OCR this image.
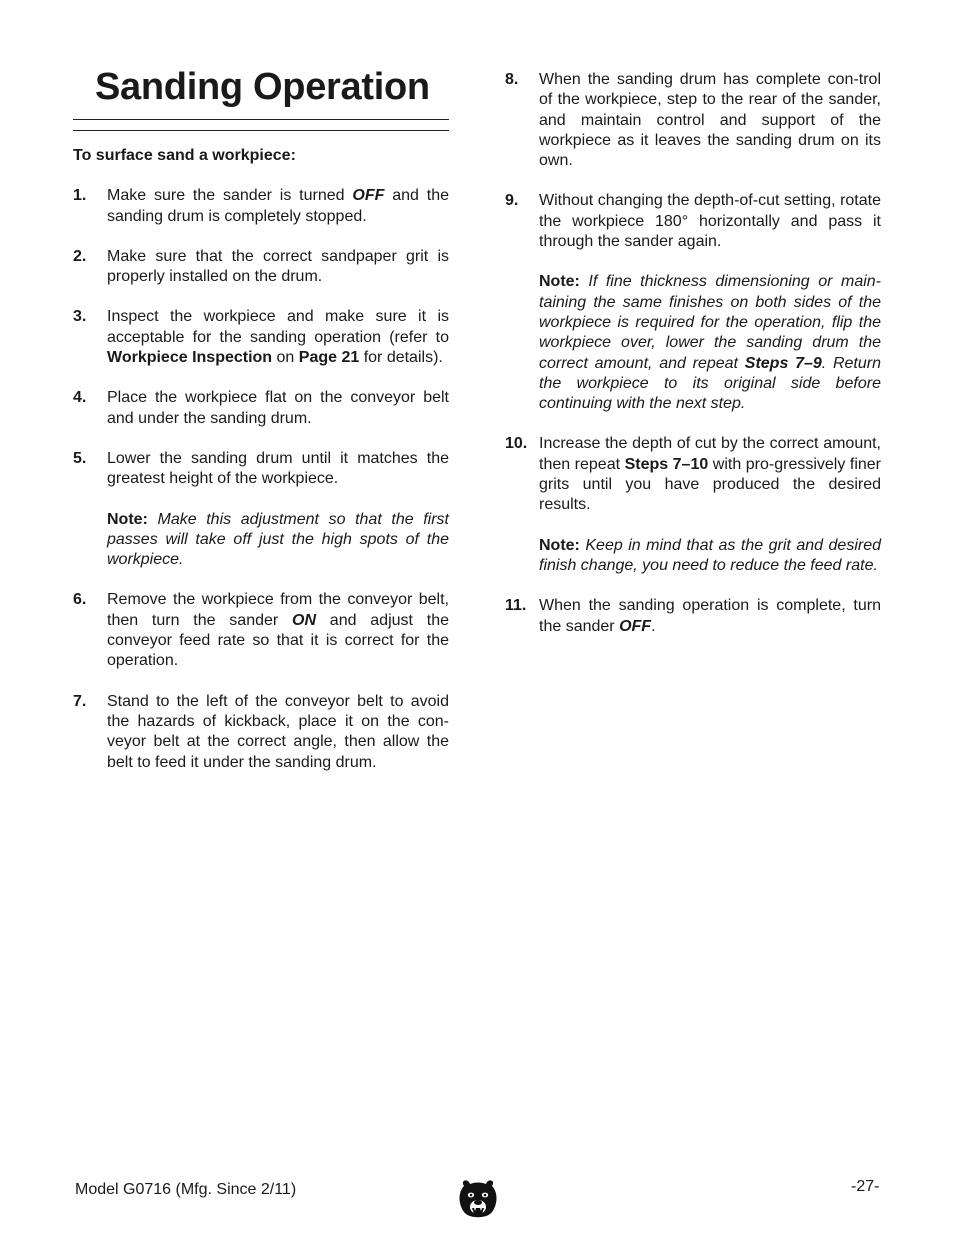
Sanding Operation

To surface sand a workpiece:

1.	Make sure the sander is turned OFF and the sanding drum is completely stopped.

2.	Make sure that the correct sandpaper grit is properly installed on the drum.

3.	Inspect the workpiece and make sure it is acceptable for the sanding operation (refer to Workpiece Inspection on Page 21 for details).

4.	Place the workpiece flat on the conveyor belt and under the sanding drum.

5.	Lower the sanding drum until it matches the greatest height of the workpiece.

Note: Make this adjustment so that the first passes will take off just the high spots of the workpiece.

6.	Remove the workpiece from the conveyor belt, then turn the sander ON and adjust the conveyor feed rate so that it is correct for the operation.

7.	Stand to the left of the conveyor belt to avoid the hazards of kickback, place it on the con-veyor belt at the correct angle, then allow the belt to feed it under the sanding drum.

8.	When the sanding drum has complete con-trol of the workpiece, step to the rear of the sander, and maintain control and support of the workpiece as it leaves the sanding drum on its own.

9.	Without changing the depth-of-cut setting, rotate the workpiece 180° horizontally and pass it through the sander again.

Note: If fine thickness dimensioning or main-taining the same finishes on both sides of the workpiece is required for the operation, flip the workpiece over, lower the sanding drum the correct amount, and repeat Steps 7–9. Return the workpiece to its original side before continuing with the next step.

10. Increase the depth of cut by the correct amount, then repeat Steps 7–10 with pro-gressively finer grits until you have produced the desired results.

Note: Keep in mind that as the grit and desired finish change, you need to reduce the feed rate.

11. When the sanding operation is complete, turn the sander OFF.

Model G0716 (Mfg. Since 2/11)	-27-
